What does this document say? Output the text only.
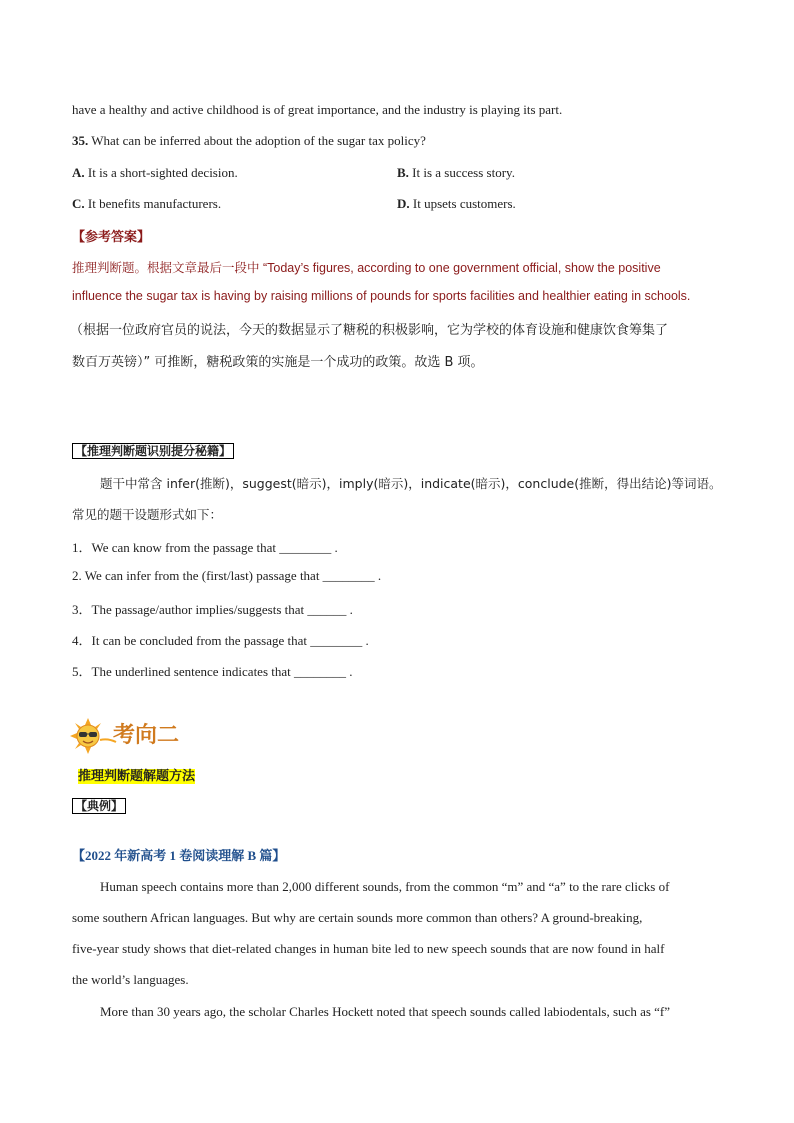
have a healthy and active childhood is of great importance, and the industry is playing its part.
35. What can be inferred about the adoption of the sugar tax policy?
A. It is a short-sighted decision.	B. It is a success story.
C. It benefits manufacturers.	D. It upsets customers.
【参考答案】
推理判断题。根据文章最后一段中 “Today’s figures, according to one government official, show the positive
influence the sugar tax is having by raising millions of pounds for sports facilities and healthier eating in schools.
（根据一位政府官员的说法，今天的数据显示了糖税的积极影响，它为学校的体育设施和健康饮食筹集了
数百万英镑）” 可推断，糖税政策的实施是一个成功的政策。故选 B 项。
【推理判断题识别提分秘籍】
题干中常含 infer(推断)，suggest(暗示)，imply(暗示)，indicate(暗示)，conclude(推断，得出结论)等词语。
常见的题干设题形式如下：
1．We can know from the passage that ________ .
2. We can infer from the (first/last) passage that ________ .
3．The passage/author implies/suggests that ______ .
4．It can be concluded from the passage that ________ .
5．The underlined sentence indicates that ________ .
考向二
推理判断题解题方法
【典例】
【2022 年新高考 1 卷阅读理解 B 篇】
Human speech contains more than 2,000 different sounds, from the common “m” and “a” to the rare clicks of
some southern African languages. But why are certain sounds more common than others? A ground-breaking,
five-year study shows that diet-related changes in human bite led to new speech sounds that are now found in half
the world’s languages.
More than 30 years ago, the scholar Charles Hockett noted that speech sounds called labiodentals, such as “f”
